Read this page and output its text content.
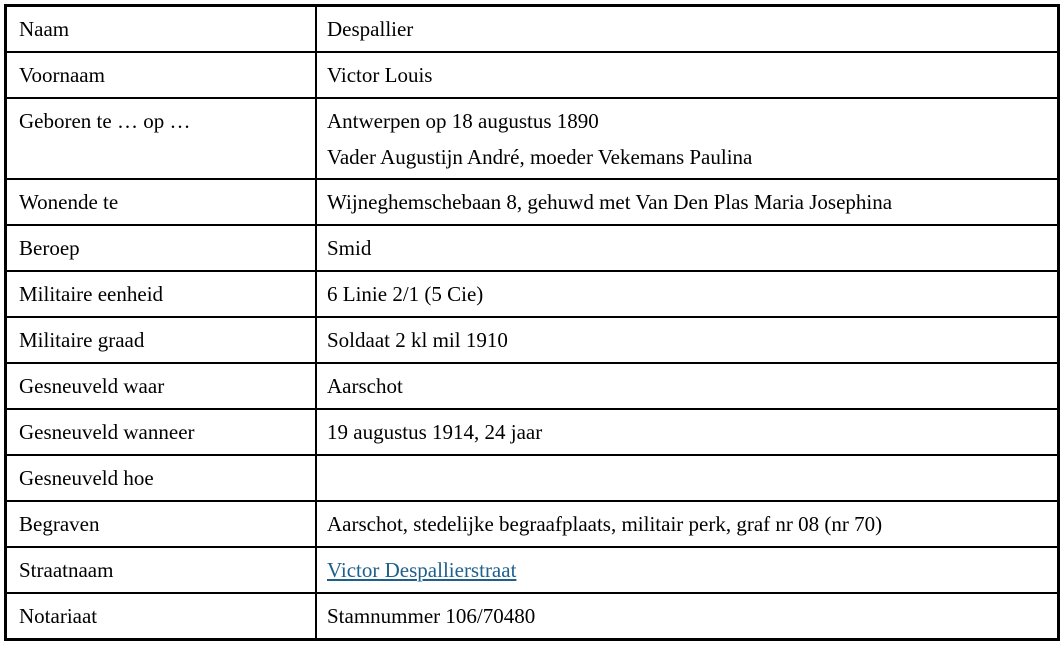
Naam	Despallier
Voornaam	Victor Louis
Geboren te … op …	Antwerpen op 18 augustus 1890
Vader Augustijn André, moeder Vekemans Paulina

Wonende te	Wijneghemschebaan 8, gehuwd met Van Den Plas Maria Josephina
Beroep	Smid
Militaire eenheid	6 Linie 2/1 (5 Cie)
Militaire graad	Soldaat 2 kl mil 1910
Gesneuveld waar	Aarschot
Gesneuveld wanneer	19 augustus 1914, 24 jaar
Gesneuveld hoe	
Begraven	Aarschot, stedelijke begraafplaats, militair perk, graf nr 08 (nr 70)
Straatnaam	Victor Despallierstraat
Notariaat	Stamnummer 106/70480
